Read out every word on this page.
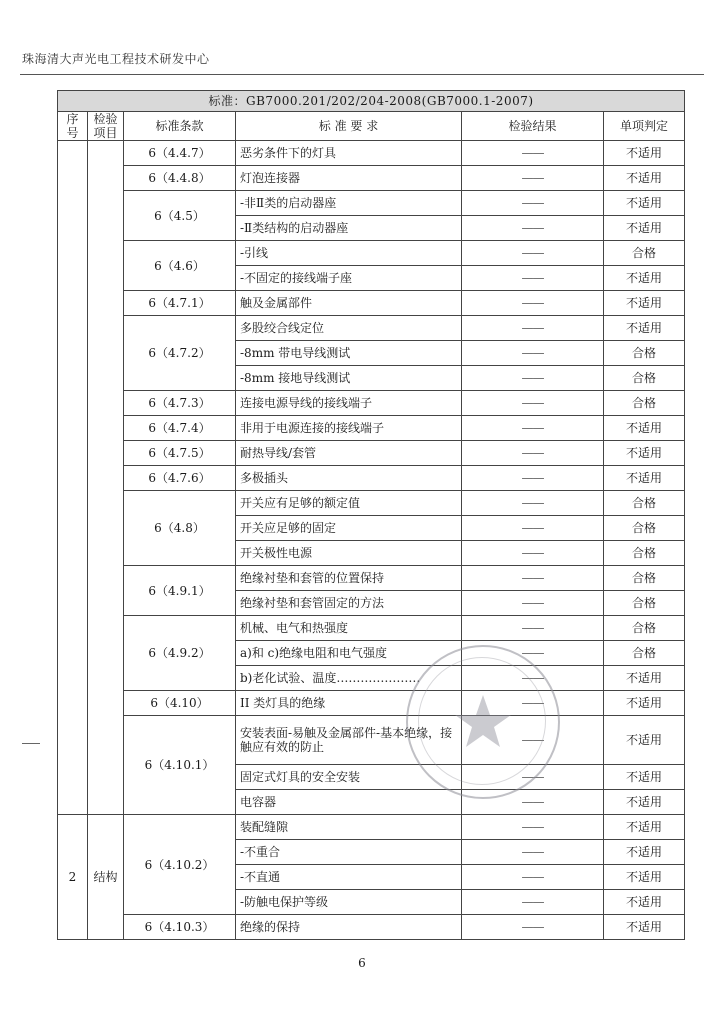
珠海清大声光电工程技术研发中心
标准：GB7000.201/202/204-2008(GB7000.1-2007)					
序号	检验项目	标准条款	标 准 要 求	检验结果	单项判定
		6（4.4.7）	恶劣条件下的灯具	——	不适用
		6（4.4.8）	灯泡连接器	——	不适用
		6（4.5）	-非Ⅱ类的启动器座	——	不适用
			-Ⅱ类结构的启动器座	——	不适用
		6（4.6）	-引线	——	合格
			-不固定的接线端子座	——	不适用
		6（4.7.1）	触及金属部件	——	不适用
		6（4.7.2）	多股绞合线定位	——	不适用
			-8mm 带电导线测试	——	合格
			-8mm 接地导线测试	——	合格
		6（4.7.3）	连接电源导线的接线端子	——	合格
		6（4.7.4）	非用于电源连接的接线端子	——	不适用
		6（4.7.5）	耐热导线/套管	——	不适用
		6（4.7.6）	多极插头	——	不适用
		6（4.8）	开关应有足够的额定值	——	合格
			开关应足够的固定	——	合格
			开关极性电源	——	合格
		6（4.9.1）	绝缘衬垫和套管的位置保持	——	合格
			绝缘衬垫和套管固定的方法	——	合格
		6（4.9.2）	机械、电气和热强度	——	合格
			a)和 c)绝缘电阻和电气强度	——	合格
			b)老化试验、温度…………………	——	不适用
		6（4.10）	II 类灯具的绝缘	——	不适用
		6（4.10.1）	安装表面-易触及金属部件-基本绝缘，接触应有效的防止	——	不适用
			固定式灯具的安全安装	——	不适用
			电容器	——	不适用
2	结构	6（4.10.2）	装配缝隙	——	不适用
			-不重合	——	不适用
			-不直通	——	不适用
			-防触电保护等级	——	不适用
		6（4.10.3）	绝缘的保持	——	不适用
6
